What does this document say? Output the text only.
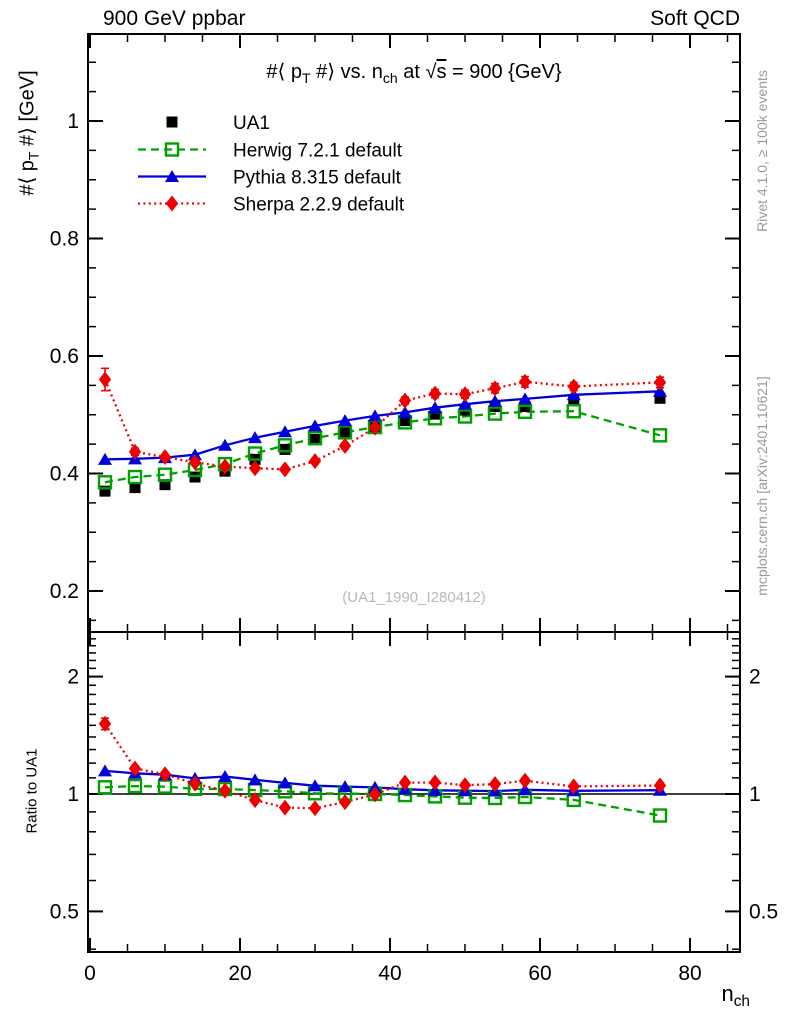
0	20	40	60	80
0.2
0.4
0.6
0.8
1
0.5	0.5
1	1
2	2
UA1
Herwig 7.2.1 default
Pythia 8.315 default
Sherpa 2.2.9 default
900 GeV ppbar	Soft QCD
#⟨ $p_T$ #⟩ vs. $n_{ch}$ at √s = 900 {GeV}
#⟨ $p_T$ #⟩ [GeV]
Ratio to UA1
Rivet 4.1.0, ≥ 100k events
mcplots.cern.ch [arXiv:2401.10621]
(UA1_1990_I280412)
$n_{ch}$
